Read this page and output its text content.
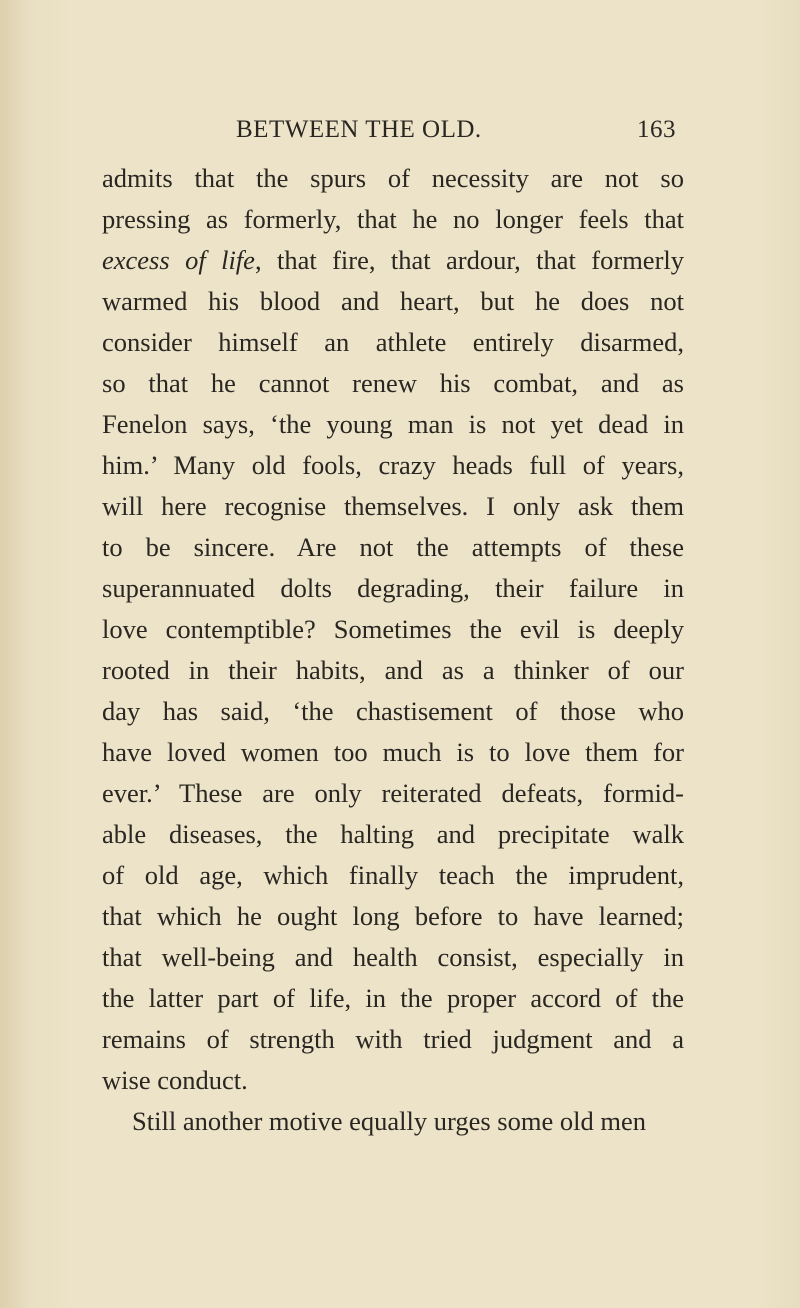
BETWEEN THE OLD.	163
admits that the spurs of necessity are not so
pressing as formerly, that he no longer feels that
excess of life, that fire, that ardour, that formerly
warmed his blood and heart, but he does not
consider himself an athlete entirely disarmed,
so that he cannot renew his combat, and as
Fenelon says, ‘the young man is not yet dead in
him.’ Many old fools, crazy heads full of years,
will here recognise themselves. I only ask them
to be sincere. Are not the attempts of these
superannuated dolts degrading, their failure in
love contemptible? Sometimes the evil is deeply
rooted in their habits, and as a thinker of our
day has said, ‘the chastisement of those who
have loved women too much is to love them for
ever.’ These are only reiterated defeats, formid-
able diseases, the halting and precipitate walk
of old age, which finally teach the imprudent,
that which he ought long before to have learned;
that well-being and health consist, especially in
the latter part of life, in the proper accord of the
remains of strength with tried judgment and a
wise conduct.
Still another motive equally urges some old men
